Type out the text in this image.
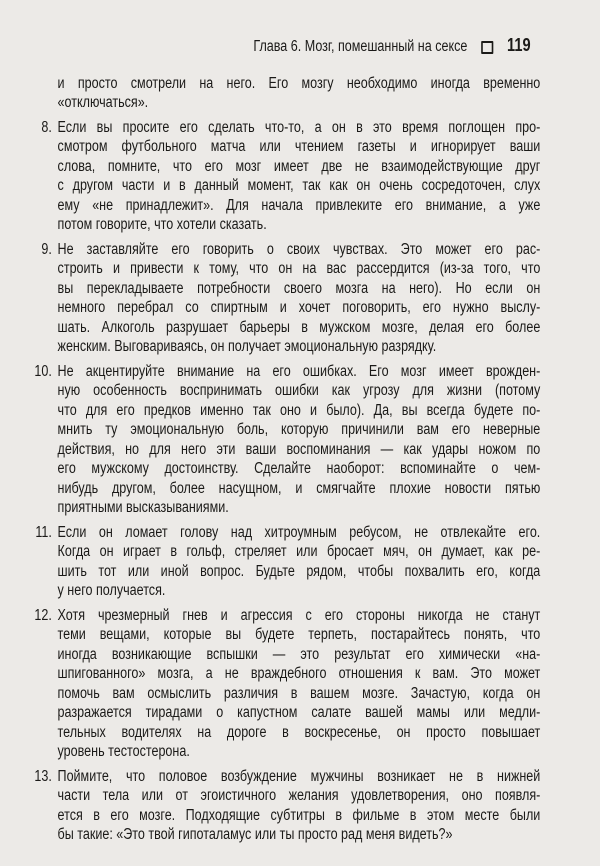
Глава 6. Мозг, помешанный на сексе 119
и просто смотрели на него. Его мозгу необходимо иногда временно
«отключаться».
8. Если вы просите его сделать что-то, а он в это время поглощен про-
смотром футбольного матча или чтением газеты и игнорирует ваши
слова, помните, что его мозг имеет две не взаимодействующие друг
с другом части и в данный момент, так как он очень сосредоточен, слух
ему «не принадлежит». Для начала привлеките его внимание, а уже
потом говорите, что хотели сказать.
9. Не заставляйте его говорить о своих чувствах. Это может его рас-
строить и привести к тому, что он на вас рассердится (из-за того, что
вы перекладываете потребности своего мозга на него). Но если он
немного перебрал со спиртным и хочет поговорить, его нужно выслу-
шать. Алкоголь разрушает барьеры в мужском мозге, делая его более
женским. Выговариваясь, он получает эмоциональную разрядку.
10. Не акцентируйте внимание на его ошибках. Его мозг имеет врожден-
ную особенность воспринимать ошибки как угрозу для жизни (потому
что для его предков именно так оно и было). Да, вы всегда будете по-
мнить ту эмоциональную боль, которую причинили вам его неверные
действия, но для него эти ваши воспоминания — как удары ножом по
его мужскому достоинству. Сделайте наоборот: вспоминайте о чем-
нибудь другом, более насущном, и смягчайте плохие новости пятью
приятными высказываниями.
11. Если он ломает голову над хитроумным ребусом, не отвлекайте его.
Когда он играет в гольф, стреляет или бросает мяч, он думает, как ре-
шить тот или иной вопрос. Будьте рядом, чтобы похвалить его, когда
у него получается.
12. Хотя чрезмерный гнев и агрессия с его стороны никогда не станут
теми вещами, которые вы будете терпеть, постарайтесь понять, что
иногда возникающие вспышки — это результат его химически «на-
шпигованного» мозга, а не враждебного отношения к вам. Это может
помочь вам осмыслить различия в вашем мозге. Зачастую, когда он
разражается тирадами о капустном салате вашей мамы или медли-
тельных водителях на дороге в воскресенье, он просто повышает
уровень тестостерона.
13. Поймите, что половое возбуждение мужчины возникает не в нижней
части тела или от эгоистичного желания удовлетворения, оно появля-
ется в его мозге. Подходящие субтитры в фильме в этом месте были
бы такие: «Это твой гипоталамус или ты просто рад меня видеть?»
